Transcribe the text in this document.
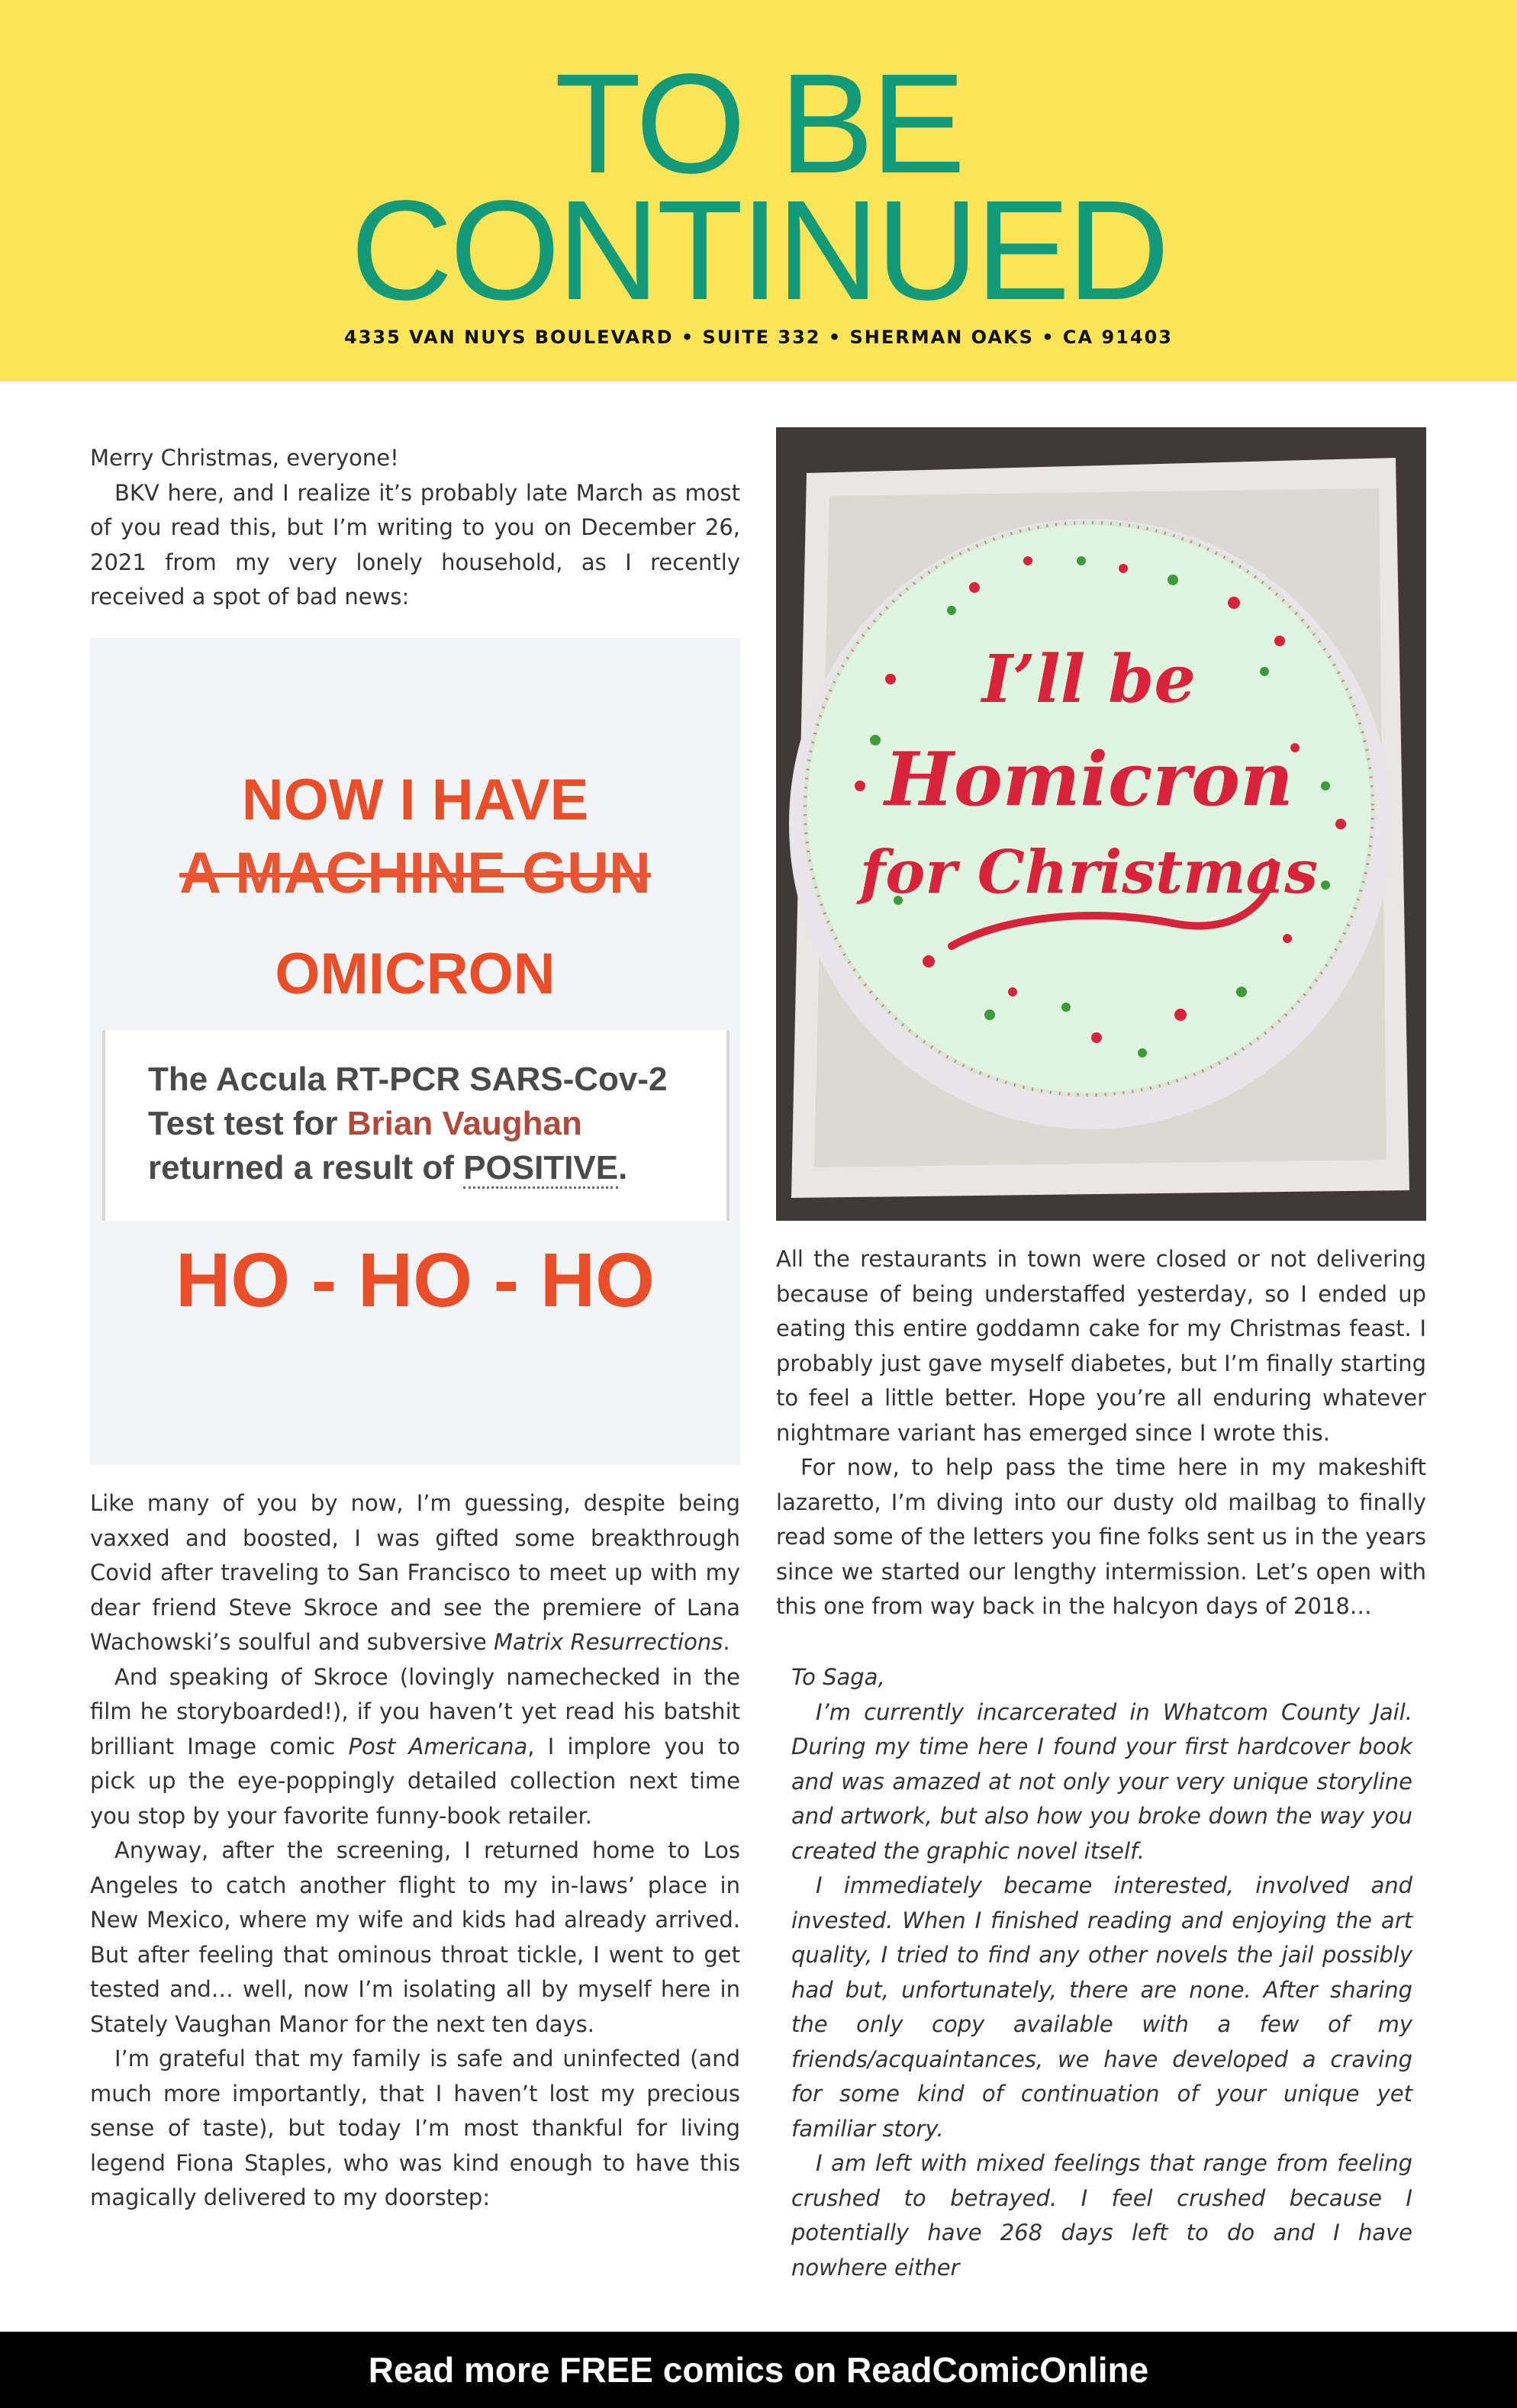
TO BE
CONTINUED
4335 VAN NUYS BOULEVARD • SUITE 332 • SHERMAN OAKS • CA 91403

Merry Christmas, everyone!

BKV here, and I realize it’s probably late March as most of you read this, but I’m writing to you on December 26, 2021 from my very lonely household, as I recently received a spot of bad news:

NOW I HAVE
A MACHINE GUN
OMICRON
The Accula RT-PCR SARS-Cov-2 Test test for Brian Vaughan returned a result of POSITIVE.
HO - HO - HO
I’ll be
Homicron
for Christmas

Like many of you by now, I’m guessing, despite being vaxxed and boosted, I was gifted some breakthrough Covid after traveling to San Francisco to meet up with my dear friend Steve Skroce and see the premiere of Lana Wachowski’s soulful and subversive Matrix Resurrections.

And speaking of Skroce (lovingly namechecked in the film he storyboarded!), if you haven’t yet read his batshit brilliant Image comic Post Americana, I implore you to pick up the eye-poppingly detailed collection next time you stop by your favorite funny-book retailer.

Anyway, after the screening, I returned home to Los Angeles to catch another flight to my in-laws’ place in New Mexico, where my wife and kids had already arrived. But after feeling that ominous throat tickle, I went to get tested and… well, now I’m isolating all by myself here in Stately Vaughan Manor for the next ten days.

I’m grateful that my family is safe and uninfected (and much more importantly, that I haven’t lost my precious sense of taste), but today I’m most thankful for living legend Fiona Staples, who was kind enough to have this magically delivered to my doorstep:

All the restaurants in town were closed or not delivering because of being understaffed yesterday, so I ended up eating this entire goddamn cake for my Christmas feast. I probably just gave myself diabetes, but I’m finally starting to feel a little better. Hope you’re all enduring whatever nightmare variant has emerged since I wrote this.

For now, to help pass the time here in my makeshift lazaretto, I’m diving into our dusty old mailbag to finally read some of the letters you fine folks sent us in the years since we started our lengthy intermission. Let’s open with this one from way back in the halcyon days of 2018…

To Saga,

I’m currently incarcerated in Whatcom County Jail. During my time here I found your first hardcover book and was amazed at not only your very unique storyline and artwork, but also how you broke down the way you created the graphic novel itself.

I immediately became interested, involved and invested. When I finished reading and enjoying the art quality, I tried to find any other novels the jail possibly had but, unfortunately, there are none. After sharing the only copy available with a few of my friends/acquaintances, we have developed a craving for some kind of continuation of your unique yet familiar story.

I am left with mixed feelings that range from feeling crushed to betrayed. I feel crushed because I potentially have 268 days left to do and I have nowhere either

Read more FREE comics on ReadComicOnline
